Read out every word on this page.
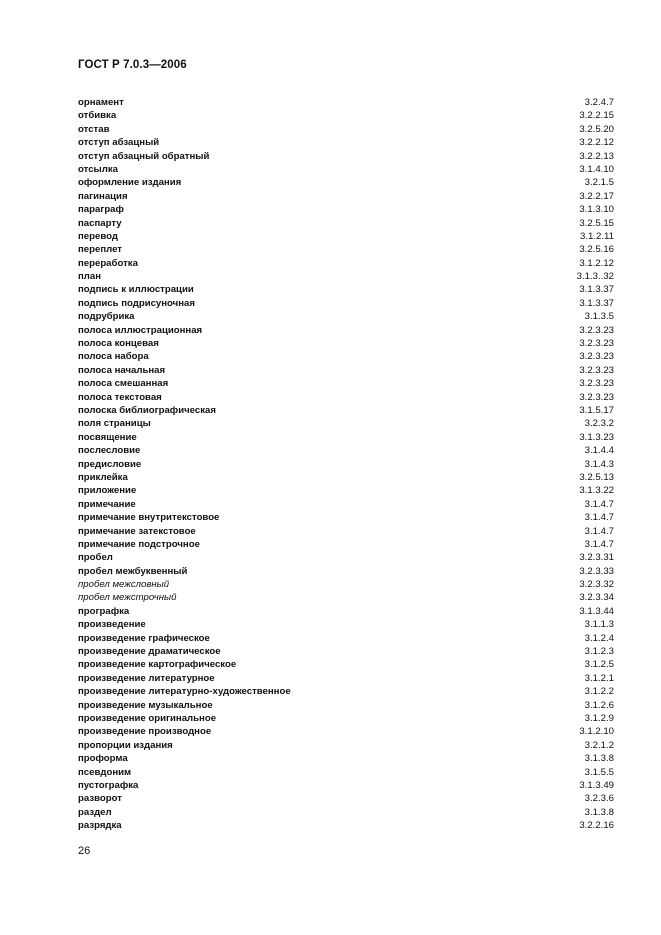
ГОСТ Р 7.0.3—2006
орнамент	3.2.4.7
отбивка	3.2.2.15
отстав	3.2.5.20
отступ абзацный	3.2.2.12
отступ абзацный обратный	3.2.2.13
отсылка	3.1.4.10
оформление издания	3.2.1.5
пагинация	3.2.2.17
параграф	3.1.3.10
паспарту	3.2.5.15
перевод	3.1.2.11
переплет	3.2.5.16
переработка	3.1.2.12
план	3.1.3..32
подпись к иллюстрации	3.1.3.37
подпись подрисуночная	3.1.3.37
подрубрика	3.1.3.5
полоса иллюстрационная	3.2.3.23
полоса концевая	3.2.3.23
полоса набора	3.2.3.23
полоса начальная	3.2.3.23
полоса смешанная	3.2.3.23
полоса текстовая	3.2.3.23
полоска библиографическая	3.1.5.17
поля страницы	3.2.3.2
посвящение	3.1.3.23
послесловие	3.1.4.4
предисловие	3.1.4.3
приклейка	3.2.5.13
приложение	3.1.3.22
примечание	3.1.4.7
примечание внутритекстовое	3.1.4.7
примечание затекстовое	3.1.4.7
примечание подстрочное	3.1.4.7
пробел	3.2.3.31
пробел межбуквенный	3.2.3.33
пробел межсловный	3.2.3.32
пробел межстрочный	3.2.3.34
прографка	3.1.3.44
произведение	3.1.1.3
произведение графическое	3.1.2.4
произведение драматическое	3.1.2.3
произведение картографическое	3.1.2.5
произведение литературное	3.1.2.1
произведение литературно-художественное	3.1.2.2
произведение музыкальное	3.1.2.6
произведение оригинальное	3.1.2.9
произведение производное	3.1.2.10
пропорции издания	3.2.1.2
проформа	3.1.3.8
псевдоним	3.1.5.5
пустографка	3.1.3.49
разворот	3.2.3.6
раздел	3.1.3.8
разрядка	3.2.2.16
26
